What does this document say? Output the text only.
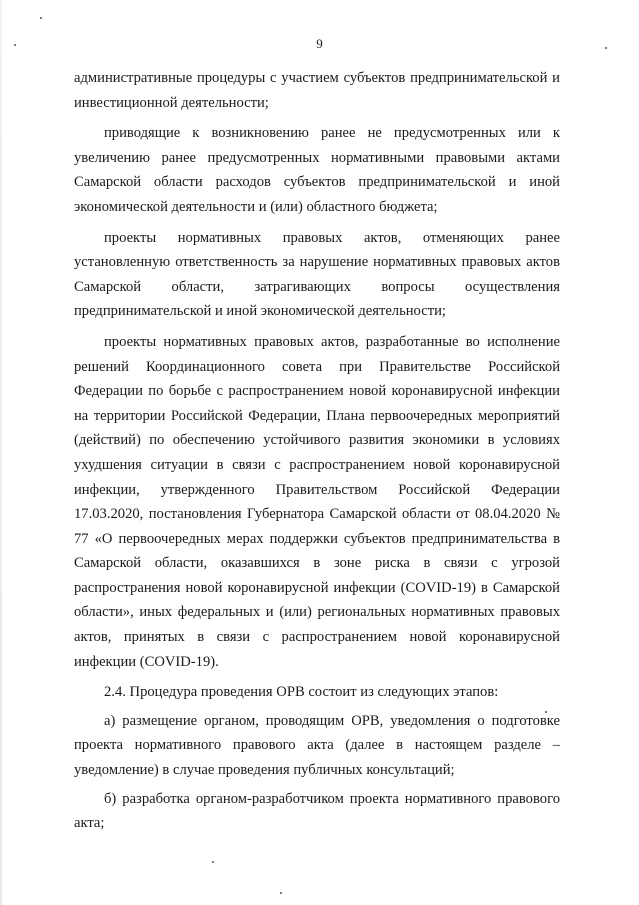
9

административные процедуры с участием субъектов предпринимательской и инвестиционной деятельности;

приводящие к возникновению ранее не предусмотренных или к увеличению ранее предусмотренных нормативными правовыми актами Самарской области расходов субъектов предпринимательской и иной экономической деятельности и (или) областного бюджета;

проекты нормативных правовых актов, отменяющих ранее установленную ответственность за нарушение нормативных правовых актов Самарской области, затрагивающих вопросы осуществления предпринимательской и иной экономической деятельности;

проекты нормативных правовых актов, разработанные во исполнение решений Координационного совета при Правительстве Российской Федерации по борьбе с распространением новой коронавирусной инфекции на территории Российской Федерации, Плана первоочередных мероприятий (действий) по обеспечению устойчивого развития экономики в условиях ухудшения ситуации в связи с распространением новой коронавирусной инфекции, утвержденного Правительством Российской Федерации 17.03.2020, постановления Губернатора Самарской области от 08.04.2020 № 77 «О первоочередных мерах поддержки субъектов предпринимательства в Самарской области, оказавшихся в зоне риска в связи с угрозой распространения новой коронавирусной инфекции (COVID-19) в Самарской области», иных федеральных и (или) региональных нормативных правовых актов, принятых в связи с распространением новой коронавирусной инфекции (COVID-19).

2.4. Процедура проведения ОРВ состоит из следующих этапов:

а) размещение органом, проводящим ОРВ, уведомления о подготовке проекта нормативного правового акта (далее в настоящем разделе – уведомление) в случае проведения публичных консультаций;

б) разработка органом-разработчиком проекта нормативного правового акта;
